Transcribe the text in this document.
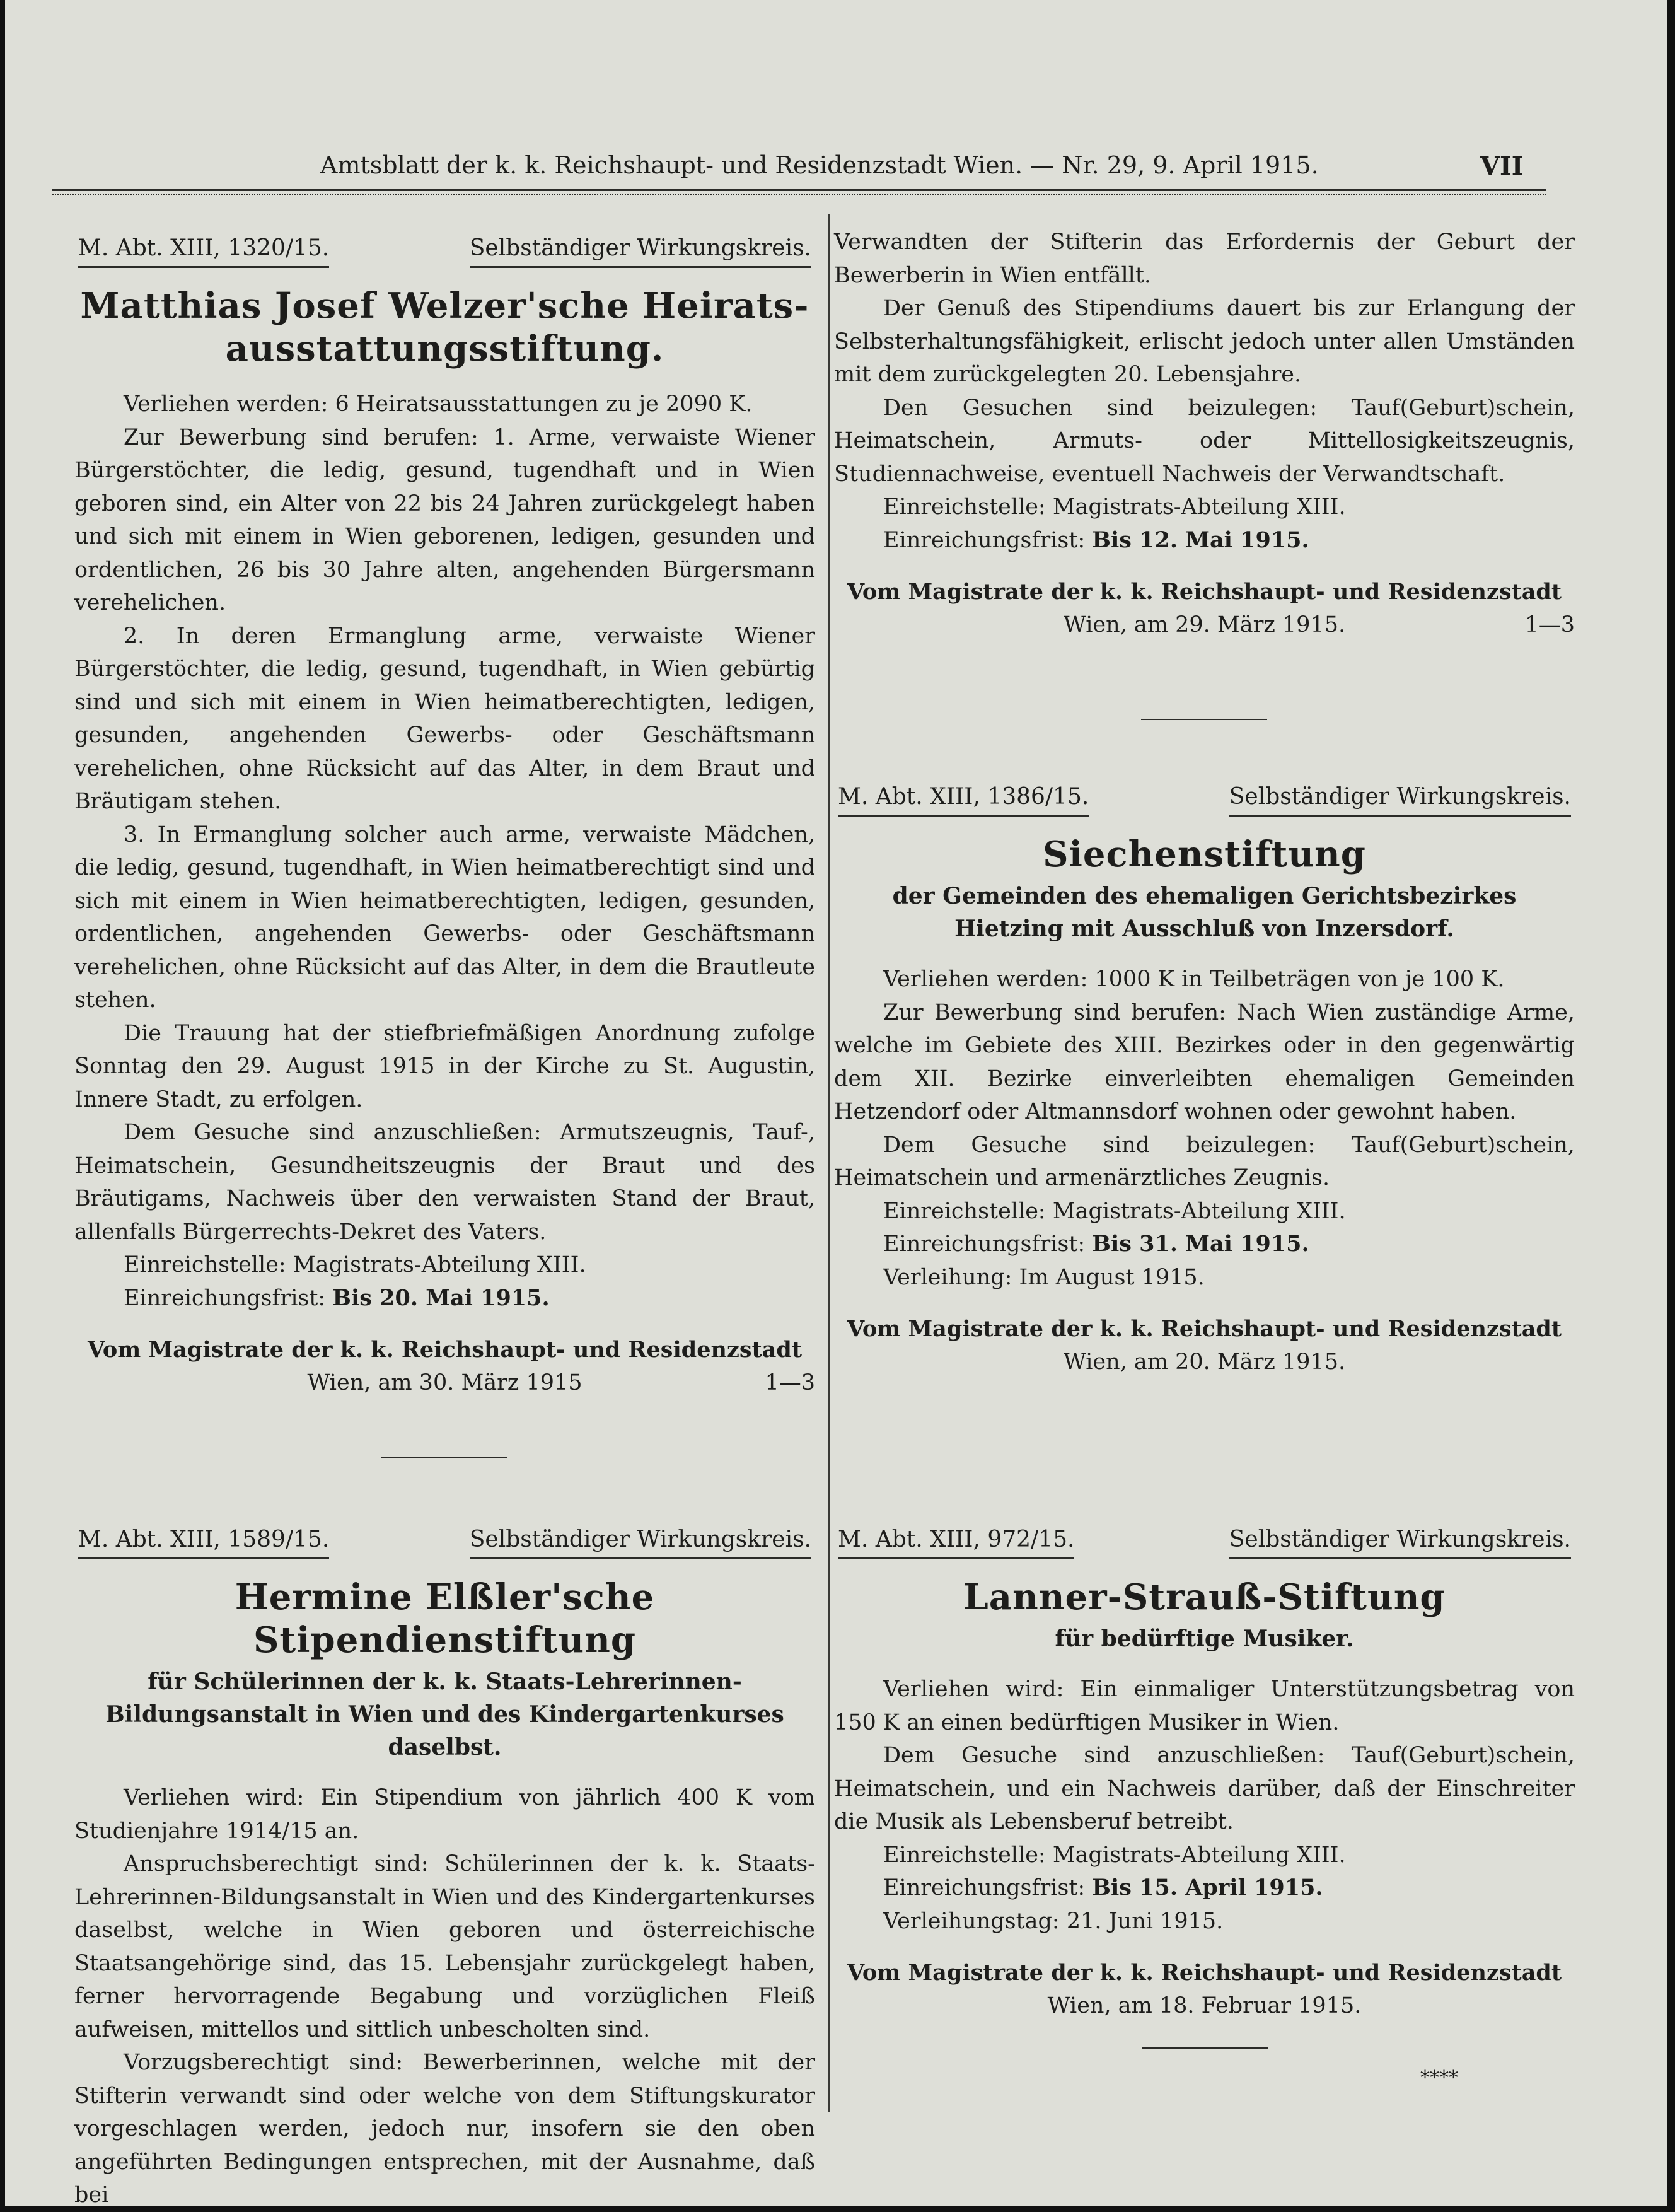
Amtsblatt der k. k. Reichshaupt- und Residenzstadt Wien. — Nr. 29, 9. April 1915.	VII
M. Abt. XIII, 1320/15.	Selbständiger Wirkungskreis.
Matthias Josef Welzer'sche Heirats-
ausstattungsstiftung.

Verliehen werden: 6 Heiratsausstattungen zu je 2090 K.

Zur Bewerbung sind berufen: 1. Arme, verwaiste Wiener Bürgerstöchter, die ledig, gesund, tugendhaft und in Wien geboren sind, ein Alter von 22 bis 24 Jahren zurückgelegt haben und sich mit einem in Wien geborenen, ledigen, gesunden und ordentlichen, 26 bis 30 Jahre alten, angehenden Bürgersmann verehelichen.

2. In deren Ermanglung arme, verwaiste Wiener Bürgerstöchter, die ledig, gesund, tugendhaft, in Wien gebürtig sind und sich mit einem in Wien heimatberechtigten, ledigen, gesunden, angehenden Gewerbs- oder Geschäftsmann verehelichen, ohne Rücksicht auf das Alter, in dem Braut und Bräutigam stehen.

3. In Ermanglung solcher auch arme, verwaiste Mädchen, die ledig, gesund, tugendhaft, in Wien heimatberechtigt sind und sich mit einem in Wien heimatberechtigten, ledigen, gesunden, ordentlichen, angehenden Gewerbs- oder Geschäftsmann verehelichen, ohne Rücksicht auf das Alter, in dem die Brautleute stehen.

Die Trauung hat der stiefbriefmäßigen Anordnung zufolge Sonntag den 29. August 1915 in der Kirche zu St. Augustin, Innere Stadt, zu erfolgen.

Dem Gesuche sind anzuschließen: Armutszeugnis, Tauf-, Heimatschein, Gesundheitszeugnis der Braut und des Bräutigams, Nachweis über den verwaisten Stand der Braut, allenfalls Bürgerrechts-Dekret des Vaters.

Einreichstelle: Magistrats-Abteilung XIII.
Einreichungsfrist: Bis 20. Mai 1915.
Vom Magistrate der k. k. Reichshaupt- und Residenzstadt
Wien, am 30. März 1915	1—3
M. Abt. XIII, 1589/15.	Selbständiger Wirkungskreis.
Hermine Elßler'sche Stipendienstiftung
für Schülerinnen der k. k. Staats-Lehrerinnen-Bildungsanstalt in Wien und des Kindergartenkurses daselbst.

Verliehen wird: Ein Stipendium von jährlich 400 K vom Studienjahre 1914/15 an.

Anspruchsberechtigt sind: Schülerinnen der k. k. Staats-Lehrerinnen-Bildungsanstalt in Wien und des Kindergartenkurses daselbst, welche in Wien geboren und österreichische Staatsangehörige sind, das 15. Lebensjahr zurückgelegt haben, ferner hervorragende Begabung und vorzüglichen Fleiß aufweisen, mittellos und sittlich unbescholten sind.

Vorzugsberechtigt sind: Bewerberinnen, welche mit der Stifterin verwandt sind oder welche von dem Stiftungskurator vorgeschlagen werden, jedoch nur, insofern sie den oben angeführten Bedingungen entsprechen, mit der Ausnahme, daß bei

Verwandten der Stifterin das Erfordernis der Geburt der Bewerberin in Wien entfällt.

Der Genuß des Stipendiums dauert bis zur Erlangung der Selbsterhaltungsfähigkeit, erlischt jedoch unter allen Umständen mit dem zurückgelegten 20. Lebensjahre.

Den Gesuchen sind beizulegen: Tauf(Geburt)schein, Heimatschein, Armuts- oder Mittellosigkeitszeugnis, Studiennachweise, eventuell Nachweis der Verwandtschaft.

Einreichstelle: Magistrats-Abteilung XIII.
Einreichungsfrist: Bis 12. Mai 1915.
Vom Magistrate der k. k. Reichshaupt- und Residenzstadt
Wien, am 29. März 1915.	1—3
M. Abt. XIII, 1386/15.	Selbständiger Wirkungskreis.
Siechenstiftung
der Gemeinden des ehemaligen Gerichtsbezirkes Hietzing mit Ausschluß von Inzersdorf.

Verliehen werden: 1000 K in Teilbeträgen von je 100 K.

Zur Bewerbung sind berufen: Nach Wien zuständige Arme, welche im Gebiete des XIII. Bezirkes oder in den gegenwärtig dem XII. Bezirke einverleibten ehemaligen Gemeinden Hetzendorf oder Altmannsdorf wohnen oder gewohnt haben.

Dem Gesuche sind beizulegen: Tauf(Geburt)schein, Heimatschein und armenärztliches Zeugnis.

Einreichstelle: Magistrats-Abteilung XIII.
Einreichungsfrist: Bis 31. Mai 1915.
Verleihung: Im August 1915.
Vom Magistrate der k. k. Reichshaupt- und Residenzstadt
Wien, am 20. März 1915.
M. Abt. XIII, 972/15.	Selbständiger Wirkungskreis.
Lanner-Strauß-Stiftung
für bedürftige Musiker.

Verliehen wird: Ein einmaliger Unterstützungsbetrag von 150 K an einen bedürftigen Musiker in Wien.

Dem Gesuche sind anzuschließen: Tauf(Geburt)schein, Heimatschein, und ein Nachweis darüber, daß der Einschreiter die Musik als Lebensberuf betreibt.

Einreichstelle: Magistrats-Abteilung XIII.
Einreichungsfrist: Bis 15. April 1915.
Verleihungstag: 21. Juni 1915.
Vom Magistrate der k. k. Reichshaupt- und Residenzstadt
Wien, am 18. Februar 1915.
****
